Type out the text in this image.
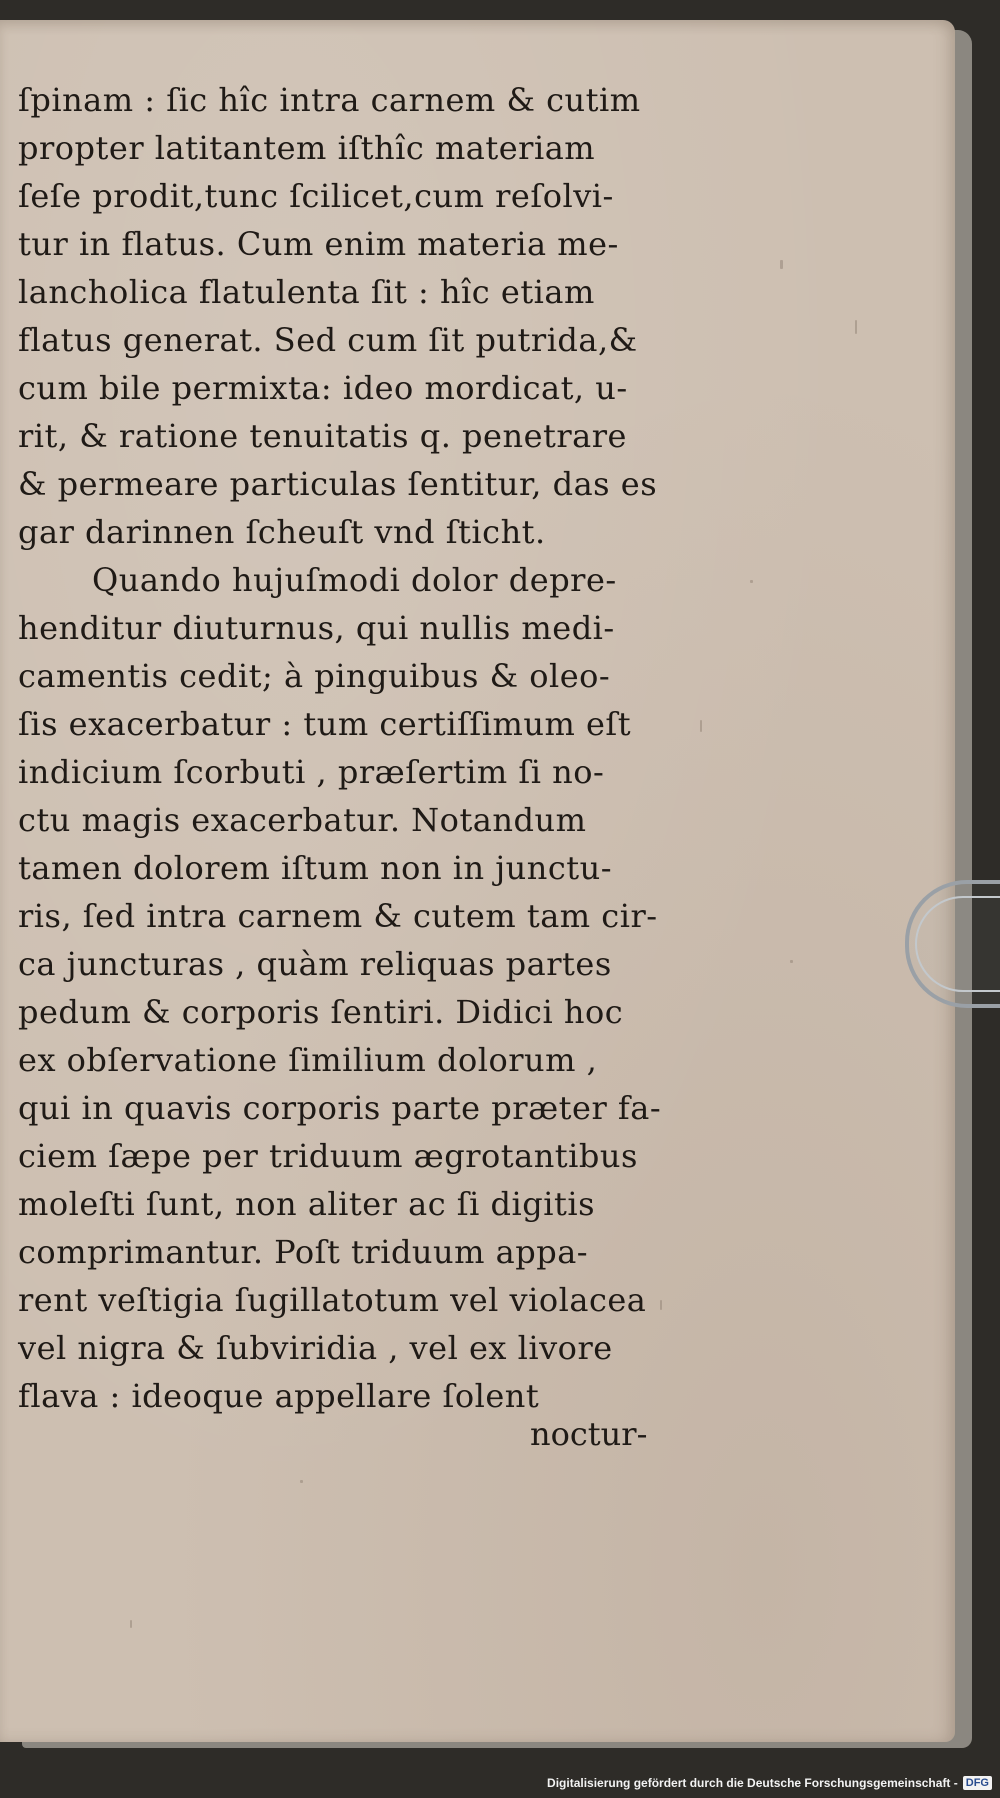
ſpinam : ſic hîc intra carnem & cutim
propter latitantem iſthîc materiam
ſeſe prodit,tunc ſcilicet,cum reſolvi-
tur in flatus. Cum enim materia me-
lancholica flatulenta ſit : hîc etiam
flatus generat. Sed cum ſit putrida,&
cum bile permixta: ideo mordicat, u-
rit, & ratione tenuitatis q. penetrare
& permeare particulas ſentitur, das es
gar darinnen ſcheuſt vnd ſticht.
Quando hujuſmodi dolor depre-
henditur diuturnus, qui nullis medi-
camentis cedit; à pinguibus & oleo-
ſis exacerbatur : tum certiſſimum eſt
indicium ſcorbuti , præſertim ſi no-
ctu magis exacerbatur. Notandum
tamen dolorem iſtum non in junctu-
ris, ſed intra carnem & cutem tam cir-
ca juncturas , quàm reliquas partes
pedum & corporis ſentiri. Didici hoc
ex obſervatione ſimilium dolorum ,
qui in quavis corporis parte præter fa-
ciem ſæpe per triduum ægrotantibus
moleſti ſunt, non aliter ac ſi digitis
comprimantur. Poſt triduum appa-
rent veſtigia ſugillatotum vel violacea
vel nigra & ſubviridia , vel ex livore
flava : ideoque appellare ſolent
noctur-
Digitalisierung gefördert durch die Deutsche Forschungsgemeinschaft - DFG
